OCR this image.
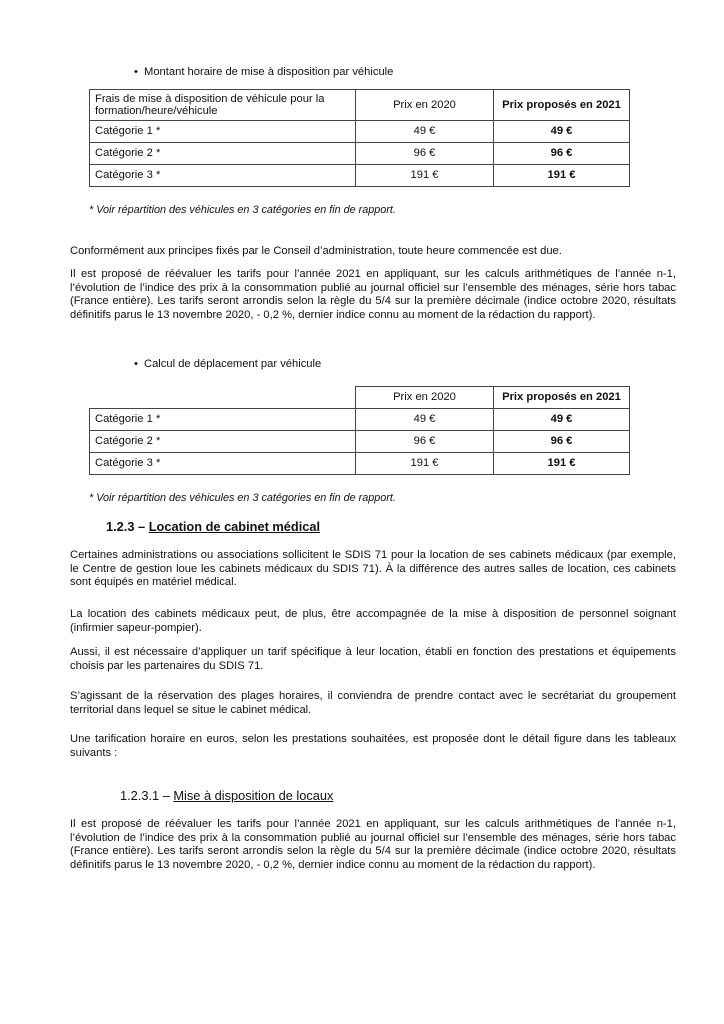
• Montant horaire de mise à disposition par véhicule
Frais de mise à disposition de véhicule pour la formation/heure/véhicule	Prix en 2020	Prix proposés en 2021
Catégorie 1 *	49 €	49 €
Catégorie 2 *	96 €	96 €
Catégorie 3 *	191 €	191 €
* Voir répartition des véhicules en 3 catégories en fin de rapport.
Conformément aux principes fixés par le Conseil d’administration, toute heure commencée est due.
Il est proposé de réévaluer les tarifs pour l’année 2021 en appliquant, sur les calculs arithmétiques de l’année n-1, l’évolution de l’indice des prix à la consommation publié au journal officiel sur l’ensemble des ménages, série hors tabac (France entière). Les tarifs seront arrondis selon la règle du 5/4 sur la première décimale (indice octobre 2020, résultats définitifs parus le 13 novembre 2020, - 0,2 %, dernier indice connu au moment de la rédaction du rapport).
• Calcul de déplacement par véhicule
	Prix en 2020	Prix proposés en 2021
Catégorie 1 *	49 €	49 €
Catégorie 2 *	96 €	96 €
Catégorie 3 *	191 €	191 €
* Voir répartition des véhicules en 3 catégories en fin de rapport.
1.2.3 – Location de cabinet médical
Certaines administrations ou associations sollicitent le SDIS 71 pour la location de ses cabinets médicaux (par exemple, le Centre de gestion loue les cabinets médicaux du SDIS 71). À la différence des autres salles de location, ces cabinets sont équipés en matériel médical.
La location des cabinets médicaux peut, de plus, être accompagnée de la mise à disposition de personnel soignant (infirmier sapeur-pompier).
Aussi, il est nécessaire d’appliquer un tarif spécifique à leur location, établi en fonction des prestations et équipements choisis par les partenaires du SDIS 71.
S’agissant de la réservation des plages horaires, il conviendra de prendre contact avec le secrétariat du groupement territorial dans lequel se situe le cabinet médical.
Une tarification horaire en euros, selon les prestations souhaitées, est proposée dont le détail figure dans les tableaux suivants :
1.2.3.1 – Mise à disposition de locaux
Il est proposé de réévaluer les tarifs pour l’année 2021 en appliquant, sur les calculs arithmétiques de l’année n-1, l’évolution de l’indice des prix à la consommation publié au journal officiel sur l’ensemble des ménages, série hors tabac (France entière). Les tarifs seront arrondis selon la règle du 5/4 sur la première décimale (indice octobre 2020, résultats définitifs parus le 13 novembre 2020, - 0,2 %, dernier indice connu au moment de la rédaction du rapport).
